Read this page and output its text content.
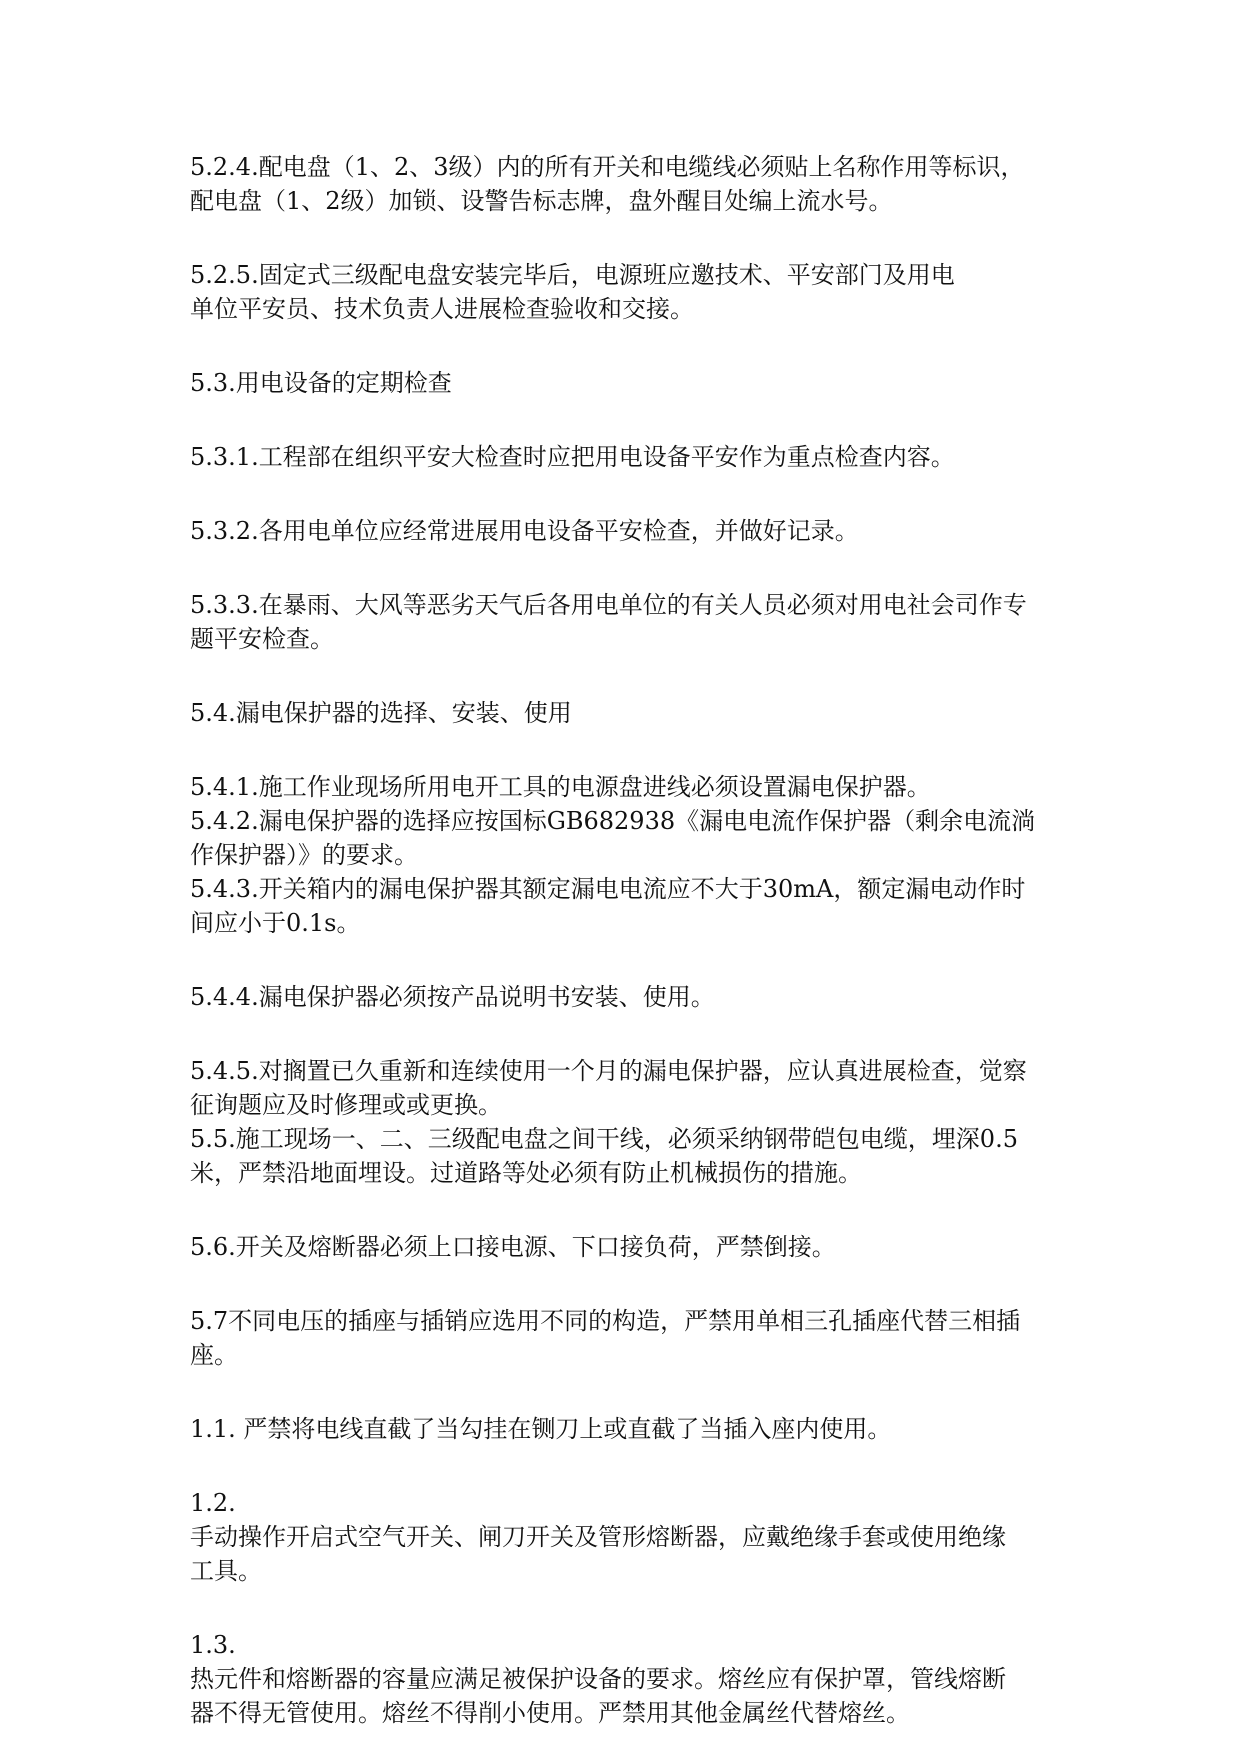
5.2.4.配电盘（1、2、3级）内的所有开关和电缆线必须贴上名称作用等标识，
配电盘（1、2级）加锁、设警告标志牌，盘外醒目处编上流水号。

5.2.5.固定式三级配电盘安装完毕后，电源班应邀技术、平安部门及用电
单位平安员、技术负责人进展检查验收和交接。

5.3.用电设备的定期检查

5.3.1.工程部在组织平安大检查时应把用电设备平安作为重点检查内容。

5.3.2.各用电单位应经常进展用电设备平安检查，并做好记录。

5.3.3.在暴雨、大风等恶劣天气后各用电单位的有关人员必须对用电社会司作专
题平安检查。

5.4.漏电保护器的选择、安装、使用

5.4.1.施工作业现场所用电开工具的电源盘进线必须设置漏电保护器。

5.4.2.漏电保护器的选择应按国标GB682938《漏电电流作保护器（剩余电流淌
作保护器）》的要求。

5.4.3.开关箱内的漏电保护器其额定漏电电流应不大于30mA，额定漏电动作时
间应小于0.1s。

5.4.4.漏电保护器必须按产品说明书安装、使用。

5.4.5.对搁置已久重新和连续使用一个月的漏电保护器，应认真进展检查，觉察
征询题应及时修理或或更换。

5.5.施工现场一、二、三级配电盘之间干线，必须采纳钢带皑包电缆，埋深0.5
米，严禁沿地面埋设。过道路等处必须有防止机械损伤的措施。

5.6.开关及熔断器必须上口接电源、下口接负荷，严禁倒接。

5.7不同电压的插座与插销应选用不同的构造，严禁用单相三孔插座代替三相插
座。

1.1. 严禁将电线直截了当勾挂在铡刀上或直截了当插入座内使用。

1.2.
手动操作开启式空气开关、闸刀开关及管形熔断器，应戴绝缘手套或使用绝缘
工具。

1.3.
热元件和熔断器的容量应满足被保护设备的要求。熔丝应有保护罩，管线熔断
器不得无管使用。熔丝不得削小使用。严禁用其他金属丝代替熔丝。
